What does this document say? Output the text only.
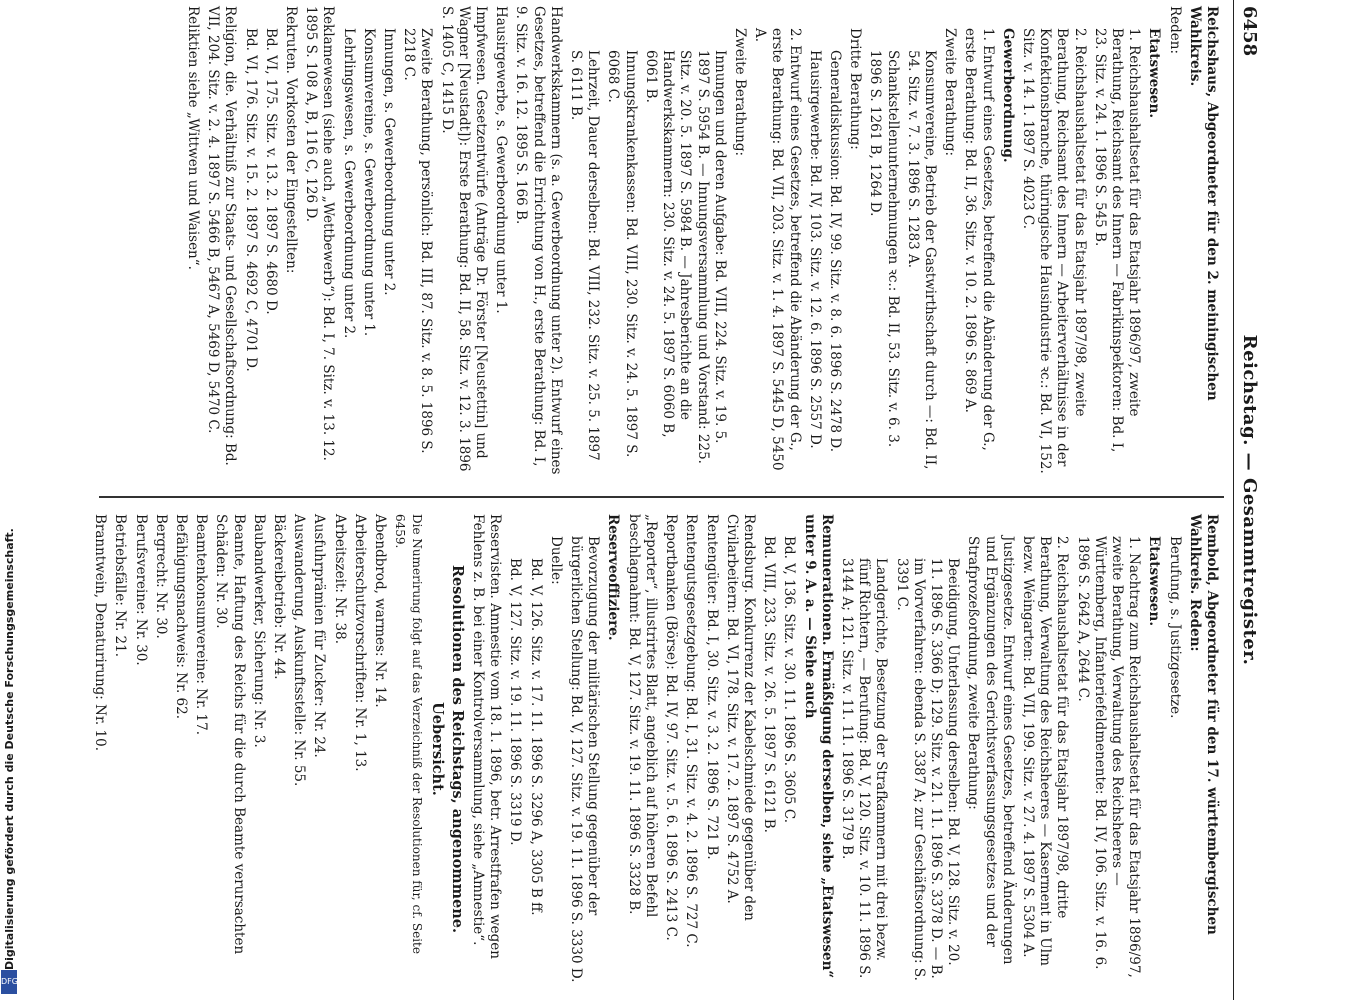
6458
Reichstag. — Gesammtregister.

Reichshaus, Abgeordneter für den 2. meiningischen Wahlkreis.

Reden:

Etatswesen.

1. Reichshaushaltsetat für das Etatsjahr 1896/97, zweite Berathung, Reichsamt des Innern — Fabrikinspektoren: Bd. I, 23. Sitz. v. 24. 1. 1896 S. 545 B.

2. Reichshaushaltsetat für das Etatsjahr 1897/98, zweite Berathung, Reichsamt des Innern — Arbeiterverhältnisse in der Konfektionsbranche, thüringische Hausindustrie ꝛc.: Bd. VI, 152. Sitz. v. 14. 1. 1897 S. 4023 C.

Gewerbeordnung.

1. Entwurf eines Gesetzes, betreffend die Abänderung der G., erste Berathung: Bd. II, 36. Sitz. v. 10. 2. 1896 S. 869 A.

Zweite Berathung:

Konsumvereine, Betrieb der Gastwirthschaft durch —: Bd. II, 54. Sitz. v. 7. 3. 1896 S. 1283 A.

Schankstellenunternehmungen ꝛc.: Bd. II, 53. Sitz. v. 6. 3. 1896 S. 1261 B, 1264 D.

Dritte Berathung:

Generaldiskussion: Bd. IV, 99. Sitz. v. 8. 6. 1896 S. 2478 D.

Hausirgewerbe: Bd. IV, 103. Sitz. v. 12. 6. 1896 S. 2557 D.

2. Entwurf eines Gesetzes, betreffend die Abänderung der G., erste Berathung: Bd. VII, 203. Sitz. v. 1. 4. 1897 S. 5445 D, 5450 A.

Zweite Berathung:

Innungen und deren Aufgabe: Bd. VIII, 224. Sitz. v. 19. 5. 1897 S. 5954 B. — Innungsversammlung und Vorstand: 225. Sitz. v. 20. 5. 1897 S. 5984 B. — Jahresberichte an die Handwerkskammern: 230. Sitz. v. 24. 5. 1897 S. 6060 B, 6061 B.

Innungskrankenkassen: Bd. VIII, 230. Sitz. v. 24. 5. 1897 S. 6068 C.

Lehrzeit, Dauer derselben: Bd. VIII, 232. Sitz. v. 25. 5. 1897 S. 6111 B.

Handwerkskammern (s. a. Gewerbeordnung unter 2). Entwurf eines Gesetzes, betreffend die Errichtung von H., erste Berathung: Bd. I, 9. Sitz. v. 16. 12. 1895 S. 166 B.

Hausirgewerbe, s. Gewerbeordnung unter 1.

Impfwesen. Gesetzentwürfe (Anträge Dr. Förster [Neustettin] und Wagner [Neustadt]): Erste Berathung: Bd. II, 58. Sitz. v. 12. 3. 1896 S. 1405 C, 1415 D.

Zweite Berathung, persönlich: Bd. III, 87. Sitz. v. 8. 5. 1896 S. 2218 C.

Innungen, s. Gewerbeordnung unter 2.

Konsumvereine, s. Gewerbeordnung unter 1.

Lehrlingswesen, s. Gewerbeordnung unter 2.

Reklamewesen (siehe auch „Wettbewerb“): Bd. I, 7. Sitz. v. 13. 12. 1895 S. 108 A, B, 116 C, 126 D.

Rekruten. Vorkosten der Eingestellten:

Bd. VI, 175. Sitz. v. 13. 2. 1897 S. 4680 D.

Bd. VI, 176. Sitz. v. 15. 2. 1897 S. 4692 C, 4701 D.

Religion, die. Verhältniß zur Staats- und Gesellschaftsordnung: Bd. VII, 204. Sitz. v. 2. 4. 1897 S. 5466 B, 5467 A, 5469 D, 5470 C.

Reliktien siehe „Wittwen und Waisen“.

Rembold, Abgeordneter für den 17. württembergischen Wahlkreis. Reden:

Berufung, s. Justizgesetze.

Etatswesen.

1. Nachtrag zum Reichshaushaltsetat für das Etatsjahr 1896/97, zweite Berathung, Verwaltung des Reichsheeres — Württemberg, Infanteriefeldmenente: Bd. IV, 106. Sitz. v. 16. 6. 1896 S. 2642 A, 2644 C.

2. Reichshaushaltsetat für das Etatsjahr 1897/98, dritte Berathung, Verwaltung des Reichsheeres — Kaserment in Ulm bezw. Weingarten: Bd. VII, 199. Sitz. v. 27. 4. 1897 S. 5304 A.

Justizgesetze. Entwurf eines Gesetzes, betreffend Änderungen und Ergänzungen des Gerichtsverfassungsgesetzes und der Strafprozeßordnung, zweite Berathung:

Beeidigung, Unterlassung derselben: Bd. V, 128. Sitz. v. 20. 11. 1896 S. 3366 D; 129. Sitz. v. 21. 11. 1896 S. 3378 D. — B. im Vorverfahren: ebenda S. 3387 A; zur Geschäftsordnung: S. 3391 C.

Landgerichte, Besetzung der Strafkammern mit drei bezw. fünf Richtern, — Berufung: Bd. V, 120. Sitz. v. 10. 11. 1896 S. 3144 A; 121. Sitz. v. 11. 11. 1896 S. 3179 B.

Remunerationen. Ermäßigung derselben, siehe „Etatswesen“ unter 9. A. a. — Siehe auch

Bd. V, 136. Sitz. v. 30. 11. 1896 S. 3605 C.

Bd. VIII, 233. Sitz. v. 26. 5. 1897 S. 6121 B.

Rendsburg. Konkurrenz der Kabelschmiede gegenüber den Civilarbeitern: Bd. VI, 178. Sitz. v. 17. 2. 1897 S. 4752 A.

Rentengüter: Bd. I, 30. Sitz. v. 3. 2. 1896 S. 721 B.

Rentengutsgesetzgebung: Bd. I, 31. Sitz. v. 4. 2. 1896 S. 727 C.

Reportbanken (Börse): Bd. IV, 97. Sitz. v. 5. 6. 1896 S. 2413 C.

„Reporter“, illustrirtes Blatt, angeblich auf höheren Befehl beschlagnahmt: Bd. V, 127. Sitz. v. 19. 11. 1896 S. 3328 B.

Reserveoffiziere.

Bevorzugung der militärischen Stellung gegenüber der bürgerlichen Stellung: Bd. V, 127. Sitz. v. 19. 11. 1896 S. 3330 D.

Duelle:

Bd. V, 126. Sitz. v. 17. 11. 1896 S. 3296 A, 3305 B ff.

Bd. V, 127. Sitz. v. 19. 11. 1896 S. 3319 D.

Reservisten. Amnestie vom 18. 1. 1896, betr. Arrestfrafen wegen Fehlens z. B. bei einer Kontrolversammlung, siehe „Amnestie“.

Resolutionen des Reichstags, angenommene.

Uebersicht.

Die Numerirung folgt auf das Verzeichniß der Resolutionen für, cf. Seite 6459.

Abendbrod, warmes: Nr. 14.

Arbeiterschutzvorschriften: Nr. 1, 13.

Arbeitszeit: Nr. 38.

Ausfuhrprämien für Zucker: Nr. 24.

Auswanderung, Auskunftsstelle: Nr. 55.

Bäckereibetrieb: Nr. 44.

Baubandwerker, Sicherung: Nr. 3.

Beamte, Haftung des Reichs für die durch Beamte verursachten Schäden: Nr. 30.

Beamtenkonsumvereine: Nr. 17.

Befähigungsnachweis: Nr. 62.

Bergrecht: Nr. 30.

Berufsvereine: Nr. 30.

Betriebsfälle: Nr. 21.

Branntwein, Denaturirung: Nr. 10.

Digitalisierung gefördert durch die Deutsche Forschungsgemeinschaft.
DFG
